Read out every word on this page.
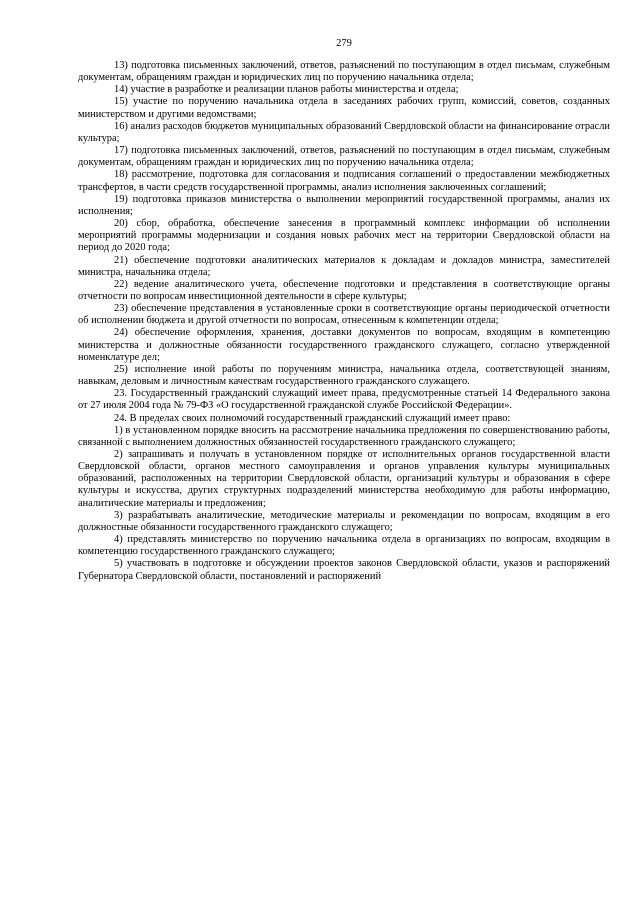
279

13) подготовка письменных заключений, ответов, разъяснений по поступающим в отдел письмам, служебным документам, обращениям граждан и юридических лиц по поручению начальника отдела;

14) участие в разработке и реализации планов работы министерства и отдела;

15) участие по поручению начальника отдела в заседаниях рабочих групп, комиссий, советов, созданных министерством и другими ведомствами;

16) анализ расходов бюджетов муниципальных образований Свердловской области на финансирование отрасли культура;

17) подготовка письменных заключений, ответов, разъяснений по поступающим в отдел письмам, служебным документам, обращениям граждан и юридических лиц по поручению начальника отдела;

18) рассмотрение, подготовка для согласования и подписания соглашений о предоставлении межбюджетных трансфертов, в части средств государственной программы, анализ исполнения заключенных соглашений;

19) подготовка приказов министерства о выполнении мероприятий государственной программы, анализ их исполнения;

20) сбор, обработка, обеспечение занесения в программный комплекс информации об исполнении мероприятий программы модернизации и создания новых рабочих мест на территории Свердловской области на период до 2020 года;

21) обеспечение подготовки аналитических материалов к докладам и докладов министра, заместителей министра, начальника отдела;

22) ведение аналитического учета, обеспечение подготовки и представления в соответствующие органы отчетности по вопросам инвестиционной деятельности в сфере культуры;

23) обеспечение представления в установленные сроки в соответствующие органы периодической отчетности об исполнении бюджета и другой отчетности по вопросам, отнесенным к компетенции отдела;

24) обеспечение оформления, хранения, доставки документов по вопросам, входящим в компетенцию министерства и должностные обязанности государственного гражданского служащего, согласно утвержденной номенклатуре дел;

25) исполнение иной работы по поручениям министра, начальника отдела, соответствующей знаниям, навыкам, деловым и личностным качествам государственного гражданского служащего.

23. Государственный гражданский служащий имеет права, предусмотренные статьей 14 Федерального закона от 27 июля 2004 года № 79-ФЗ «О государственной гражданской службе Российской Федерации».

24. В пределах своих полномочий государственный гражданский служащий имеет право:

1) в установленном порядке вносить на рассмотрение начальника предложения по совершенствованию работы, связанной с выполнением должностных обязанностей государственного гражданского служащего;

2) запрашивать и получать в установленном порядке от исполнительных органов государственной власти Свердловской области, органов местного самоуправления и органов управления культуры муниципальных образований, расположенных на территории Свердловской области, организаций культуры и образования в сфере культуры и искусства, других структурных подразделений министерства необходимую для работы информацию, аналитические материалы и предложения;

3) разрабатывать аналитические, методические материалы и рекомендации по вопросам, входящим в его должностные обязанности государственного гражданского служащего;

4) представлять министерство по поручению начальника отдела в организациях по вопросам, входящим в компетенцию государственного гражданского служащего;

5) участвовать в подготовке и обсуждении проектов законов Свердловской области, указов и распоряжений Губернатора Свердловской области, постановлений и распоряжений
